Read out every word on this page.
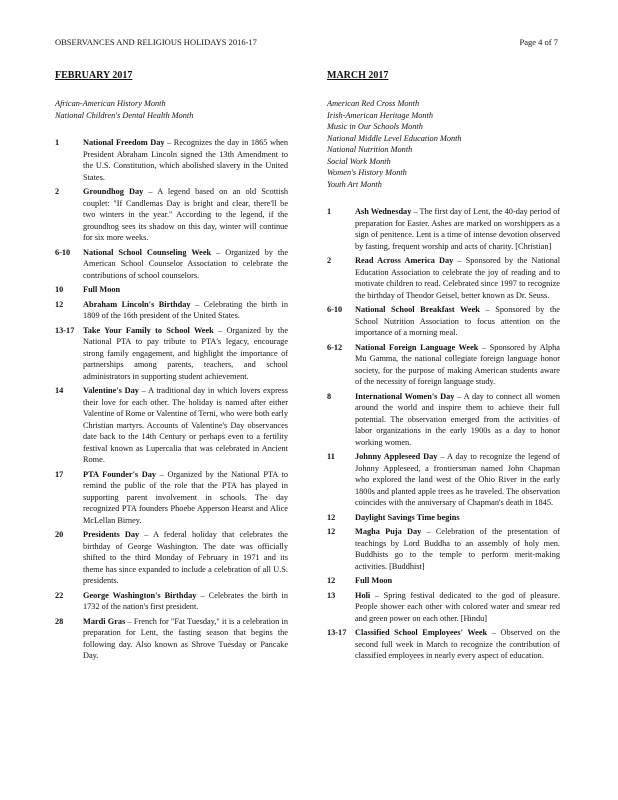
OBSERVANCES AND RELIGIOUS HOLIDAYS 2016-17	Page 4 of 7
FEBRUARY 2017
African-American History Month
National Children's Dental Health Month
1	National Freedom Day – Recognizes the day in 1865 when President Abraham Lincoln signed the 13th Amendment to the U.S. Constitution, which abolished slavery in the United States.
2	Groundhog Day – A legend based on an old Scottish couplet: "If Candlemas Day is bright and clear, there'll be two winters in the year." According to the legend, if the groundhog sees its shadow on this day, winter will continue for six more weeks.
6-10	National School Counseling Week – Organized by the American School Counselor Association to celebrate the contributions of school counselors.
10	Full Moon
12	Abraham Lincoln's Birthday – Celebrating the birth in 1809 of the 16th president of the United States.
13-17	Take Your Family to School Week – Organized by the National PTA to pay tribute to PTA's legacy, encourage strong family engagement, and highlight the importance of partnerships among parents, teachers, and school administrators in supporting student achievement.
14	Valentine's Day – A traditional day in which lovers express their love for each other. The holiday is named after either Valentine of Rome or Valentine of Terni, who were both early Christian martyrs. Accounts of Valentine's Day observances date back to the 14th Century or perhaps even to a fertility festival known as Lupercalia that was celebrated in Ancient Rome.
17	PTA Founder's Day – Organized by the National PTA to remind the public of the role that the PTA has played in supporting parent involvement in schools. The day recognized PTA founders Phoebe Apperson Hearst and Alice McLellan Birney.
20	Presidents Day – A federal holiday that celebrates the birthday of George Washington. The date was officially shifted to the third Monday of February in 1971 and its theme has since expanded to include a celebration of all U.S. presidents.
22	George Washington's Birthday – Celebrates the birth in 1732 of the nation's first president.
28	Mardi Gras – French for "Fat Tuesday," it is a celebration in preparation for Lent, the fasting season that begins the following day. Also known as Shrove Tuesday or Pancake Day.
MARCH 2017
American Red Cross Month
Irish-American Heritage Month
Music in Our Schools Month
National Middle Level Education Month
National Nutrition Month
Social Work Month
Women's History Month
Youth Art Month
1	Ash Wednesday – The first day of Lent, the 40-day period of preparation for Easter. Ashes are marked on worshippers as a sign of penitence. Lent is a time of intense devotion observed by fasting, frequent worship and acts of charity. [Christian]
2	Read Across America Day – Sponsored by the National Education Association to celebrate the joy of reading and to motivate children to read. Celebrated since 1997 to recognize the birthday of Theodor Geisel, better known as Dr. Seuss.
6-10	National School Breakfast Week – Sponsored by the School Nutrition Association to focus attention on the importance of a morning meal.
6-12	National Foreign Language Week – Sponsored by Alpha Mu Gamma, the national collegiate foreign language honor society, for the purpose of making American students aware of the necessity of foreign language study.
8	International Women's Day – A day to connect all women around the world and inspire them to achieve their full potential. The observation emerged from the activities of labor organizations in the early 1900s as a day to honor working women.
11	Johnny Appleseed Day – A day to recognize the legend of Johnny Appleseed, a frontiersman named John Chapman who explored the land west of the Ohio River in the early 1800s and planted apple trees as he traveled. The observation coincides with the anniversary of Chapman's death in 1845.
12	Daylight Savings Time begins
12	Magha Puja Day – Celebration of the presentation of teachings by Lord Buddha to an assembly of holy men. Buddhists go to the temple to perform merit-making activities. [Buddhist]
12	Full Moon
13	Holi – Spring festival dedicated to the god of pleasure. People shower each other with colored water and smear red and green power on each other. [Hindu]
13-17	Classified School Employees' Week – Observed on the second full week in March to recognize the contribution of classified employees in nearly every aspect of education.
